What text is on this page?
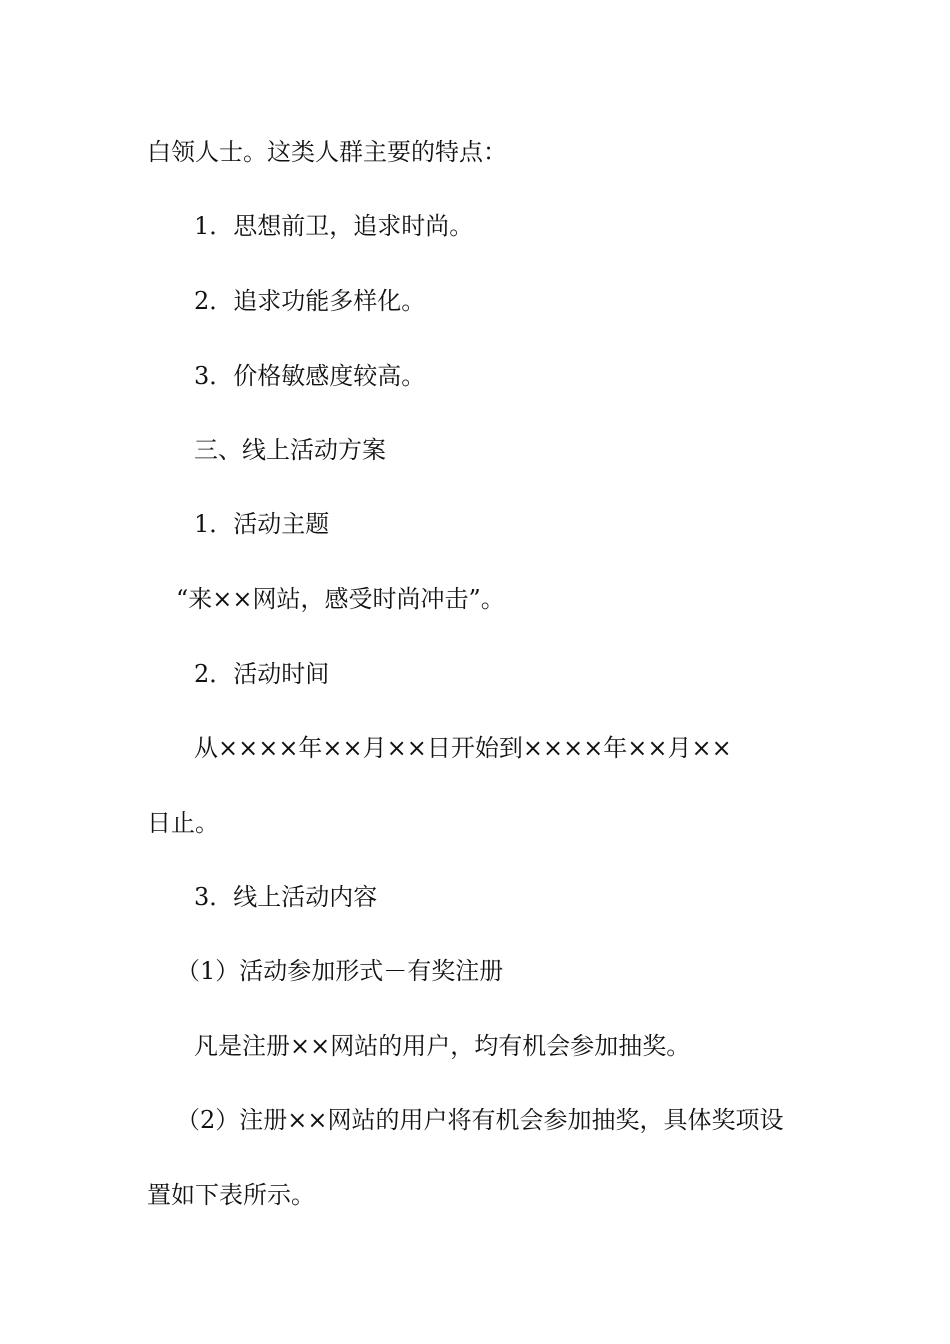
白领人士。这类人群主要的特点：
1．思想前卫，追求时尚。
2．追求功能多样化。
3．价格敏感度较高。
三、线上活动方案
1．活动主题
“来××网站，感受时尚冲击”。
2．活动时间
从××××年××月××日开始到××××年××月××
日止。
3．线上活动内容
（1）活动参加形式－有奖注册
凡是注册××网站的用户，均有机会参加抽奖。
（2）注册××网站的用户将有机会参加抽奖，具体奖项设
置如下表所示。
